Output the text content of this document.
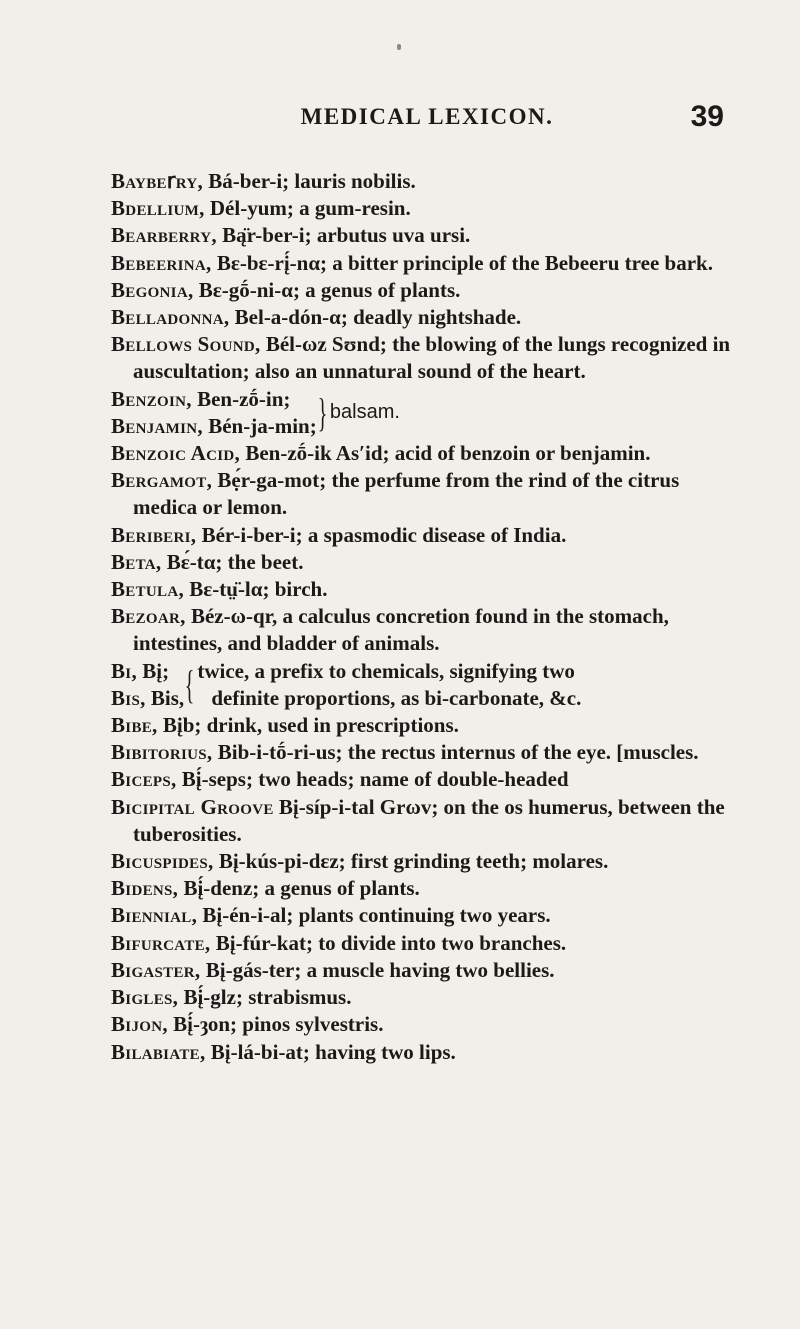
MEDICAL LEXICON.	39

Baybe𝗋ry, Bá-ber-i; lauris nobilis.

Bdellium, Dél-yum; a gum-resin.

Bearberry, Bą̈r-ber-i; arbutus uva ursi.

Bebeerina, Bɛ-bɛ-rį́-nα; a bitter principle of the Bebeeru tree bark.

Begonia, Bɛ-gṓ-ni-α; a genus of plants.

Belladonna, Bel-a-dón-α; deadly nightshade.

Bellows Sound, Bél-ωz Sʊnd; the blowing of the lungs recognized in auscultation; also an unnatural sound of the heart.

Benzoin, Ben-zṓ-in;
Benjamin, Bén-ja-min; } balsam.

Benzoic Acid, Ben-zṓ-ik As′id; acid of benzoin or benjamin.

Bergamot, Bẹ́r-ga-mot; the perfume from the rind of the citrus medica or lemon.

Beriberi, Bér-i-ber-i; a spasmodic disease of India.

Beta, Bɛ́-tα; the beet.

Betula, Bɛ-tṳ̈-lα; birch.

Bezoar, Béz-ω-qr, a calculus concretion found in the stomach, intestines, and bladder of animals.

Bi, Bį;
Bis, Bis, { twice, a prefix to chemicals, signifying two
definite proportions, as bi-carbonate, &c.

Bibe, Bįb; drink, used in prescriptions.

Bibitorius, Bib-i-tṓ-ri-us; the rectus internus of the eye. [muscles.

Biceps, Bį́-seps; two heads; name of double-headed

Bicipital Groove Bį-síp-i-tal Grωv; on the os humerus, between the tuberosities.

Bicuspides, Bį-kús-pi-dɛz; first grinding teeth; molares.

Bidens, Bį́-denz; a genus of plants.

Biennial, Bį-én-i-al; plants continuing two years.

Bifurcate, Bį-fúr-kat; to divide into two branches.

Bigaster, Bį-gás-ter; a muscle having two bellies.

Bigles, Bį́-glz; strabismus.

Bijon, Bį́-ȝon; pinos sylvestris.

Bilabiate, Bį-lá-bi-at; having two lips.
